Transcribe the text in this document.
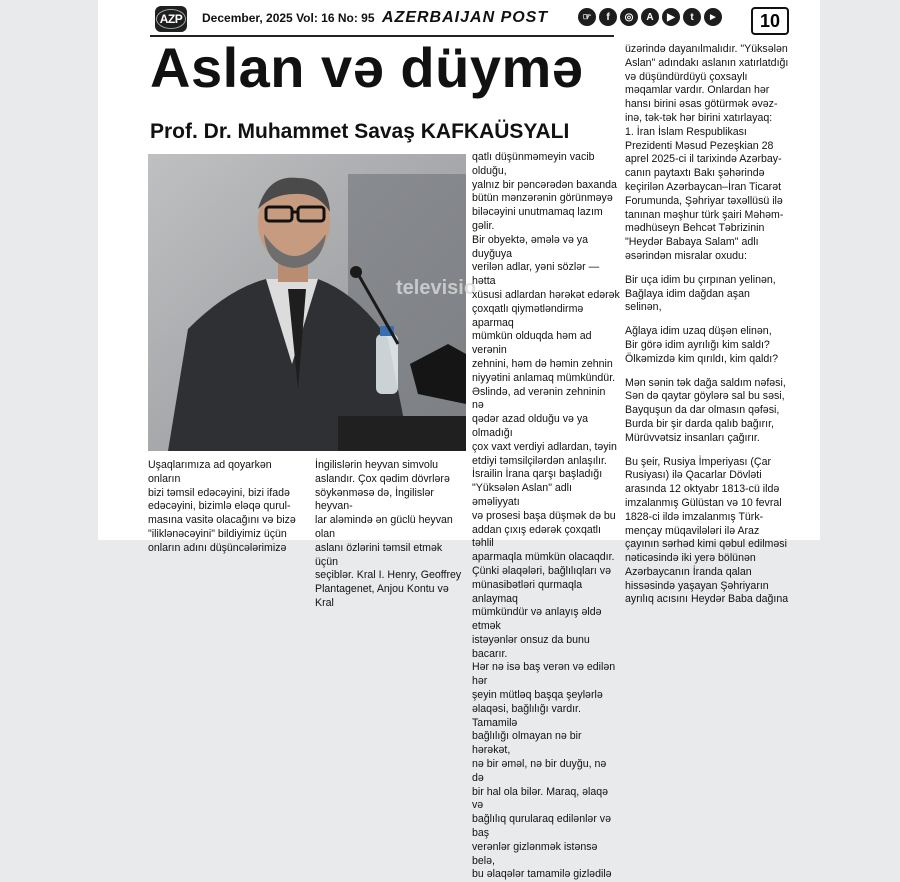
AZP	December, 2025 Vol: 16 No: 95 AZERBAIJAN POST	☞	f	◎	A	▶	t	►	10
Aslan və düymə
Prof. Dr. Muhammet Savaş KAFKAÜSYALI
televisio

Uşaqlarımıza ad qoyarkən onların
bizi təmsil edəcəyini, bizi ifadə
edəcəyini, bizimlə eləqə qurul-
masına vasitə olacağını və bizə
"iliklənəcəyini" bildiyimiz üçün
onların adını düşüncələrimizə

İngilislərin heyvan simvolu
aslandır. Çox qədim dövrlərə
söykənməsə də, İngilislər heyvan-
lar aləmində ən güclü heyvan olan
aslanı özlərini təmsil etmək üçün
seçiblər. Kral I. Henry, Geoffrey
Plantagenet, Anjou Kontu və Kral

qatlı düşünməmeyin vacib olduğu,
yalnız bir pəncərədən baxanda
bütün mənzərənin görünməyə
biləcəyini unutmamaq lazım gəlir.
Bir obyektə, əmələ və ya duyğuya
verilən adlar, yəni sözlər — hətta
xüsusi adlardan hərəkət edərək
çoxqatlı qiymətləndirmə aparmaq
mümkün olduqda həm ad verənin
zehnini, həm də həmin zehnin
niyyətini anlamaq mümkündür.
Əslində, ad verənin zehninin nə
qədər azad olduğu və ya olmadığı
çox vaxt verdiyi adlardan, təyin
etdiyi təmsilçilərdən anlaşılır.
İsrailin İrana qarşı başladığı
"Yüksələn Aslan" adlı əməliyyatı
və prosesi başa düşmək də bu
addan çıxış edərək çoxqatlı təhlil
aparmaqla mümkün olacaqdır.
Çünki əlaqələri, bağlılıqları və
münasibətləri qurmaqla anlaymaq
mümkündür və anlayış əldə etmək
istəyənlər onsuz da bunu bacarır.
Hər nə isə baş verən və edilən hər
şeyin mütləq başqa şeylərlə
əlaqəsi, bağlılığı vardır. Tamamilə
bağlılığı olmayan nə bir hərəkət,
nə bir əməl, nə bir duyğu, nə də
bir hal ola bilər. Maraq, əlaqə və
bağlılıq qurularaq edilənlər və baş
verənlər gizlənmək istənsə belə,
bu əlaqələr tamamilə gizlədilə

üzərində dayanılmalıdır. "Yüksələn
Aslan" adındakı aslanın xatırlatdığı
və düşündürdüyü çoxsaylı
məqamlar vardır. Onlardan hər
hansı birini əsas götürmək əvəz-
inə, tək-tək hər birini xatırlayaq:
1. İran İslam Respublikası
Prezidenti Məsud Pezeşkian 28
aprel 2025-ci il tarixində Azərbay-
canın paytaxtı Bakı şəhərində
keçirilən Azərbaycan–İran Ticarət
Forumunda, Şəhriyar təxəllüsü ilə
tanınan məşhur türk şairi Məhəm-
mədhüseyn Behcət Təbrizinin
"Heydər Babaya Salam" adlı
əsərindən misralar oxudu:

Bir uça idim bu çırpınan yelinən,
Bağlaya idim dağdan aşan
selinən,

Ağlaya idim uzaq düşən elinən,
Bir görə idim ayrılığı kim saldı?
Ölkəmizdə kim qırıldı, kim qaldı?

Mən sənin tək dağa saldım nəfəsi,
Sən də qaytar göylərə sal bu səsi,
Bayquşun da dar olmasın qəfəsi,
Burda bir şir darda qalıb bağırır,
Mürüvvətsiz insanları çağırır.

Bu şeir, Rusiya İmperiyası (Çar
Rusiyası) ilə Qacarlar Dövləti
arasında 12 oktyabr 1813-cü ildə
imzalanmış Gülüstan və 10 fevral
1828-ci ildə imzalanmış Türk-
mençay müqavilələri ilə Araz
çayının sərhəd kimi qəbul edilməsi
nəticəsində iki yerə bölünən
Azərbaycanın İranda qalan
hissəsində yaşayan Şəhriyarın
ayrılıq acısını Heydər Baba dağına
